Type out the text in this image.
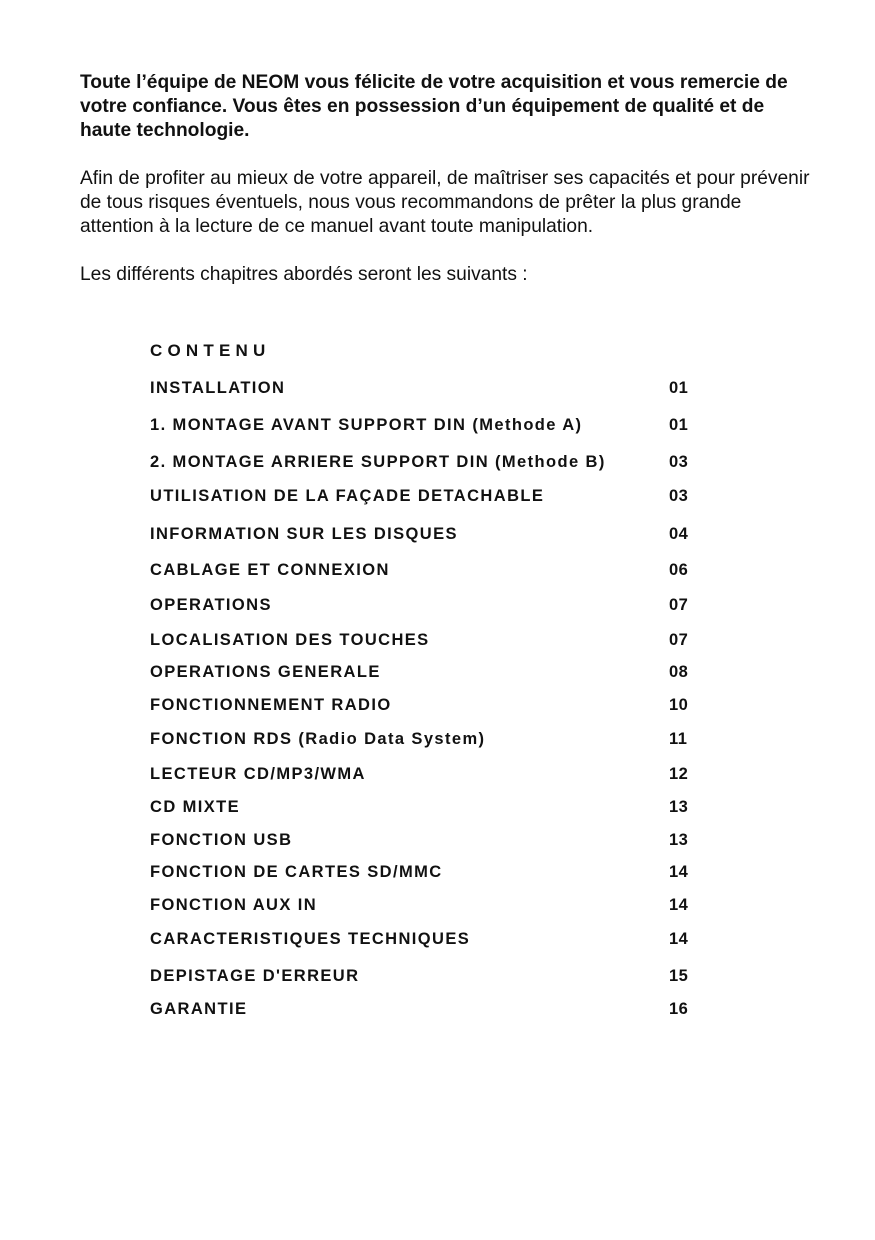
Toute l’équipe de NEOM vous félicite de votre acquisition et vous remercie de votre confiance. Vous êtes en possession d’un équipement de qualité et de haute technologie.

Afin de profiter au mieux de votre appareil, de maîtriser ses capacités et pour prévenir de tous risques éventuels, nous vous recommandons de prêter la plus grande attention à la lecture de ce manuel avant toute manipulation.

Les différents chapitres abordés seront les suivants :

CONTENU
INSTALLATION	01
1. MONTAGE AVANT SUPPORT DIN (Methode A)	01
2. MONTAGE ARRIERE SUPPORT DIN (Methode B)	03
UTILISATION DE LA FAÇADE DETACHABLE	03
INFORMATION SUR LES DISQUES	04
CABLAGE ET CONNEXION	06
OPERATIONS	07
LOCALISATION DES TOUCHES	07
OPERATIONS GENERALE	08
FONCTIONNEMENT RADIO	10
FONCTION RDS (Radio Data System)	11
LECTEUR CD/MP3/WMA	12
CD MIXTE	13
FONCTION USB	13
FONCTION DE CARTES SD/MMC	14
FONCTION AUX IN	14
CARACTERISTIQUES TECHNIQUES	14
DEPISTAGE D'ERREUR	15
GARANTIE	16
